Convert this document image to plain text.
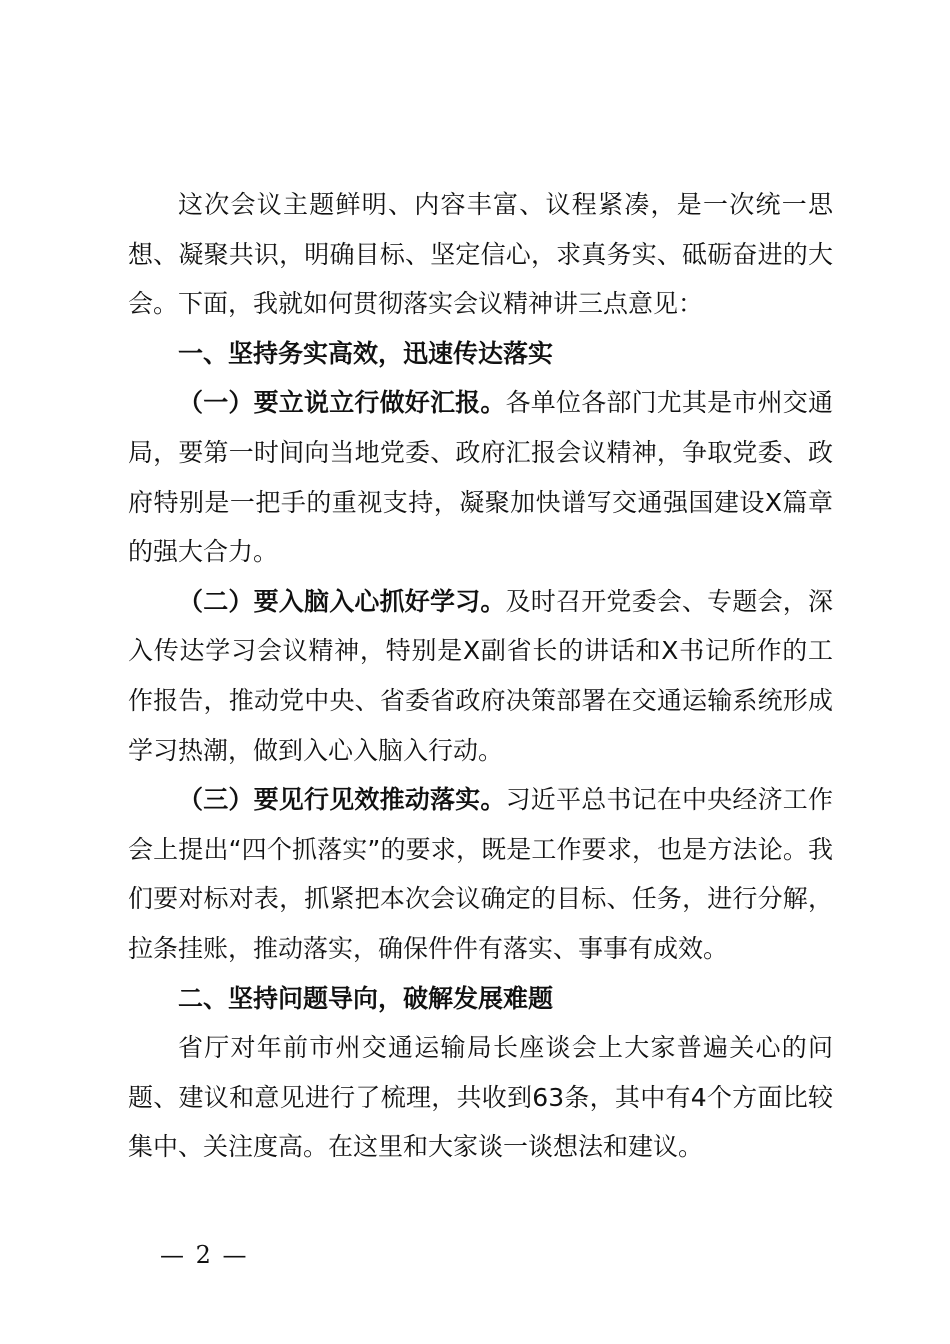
这次会议主题鲜明、内容丰富、议程紧凑，是一次统一思想、凝聚共识，明确目标、坚定信心，求真务实、砥砺奋进的大会。下面，我就如何贯彻落实会议精神讲三点意见：

一、坚持务实高效，迅速传达落实

（一）要立说立行做好汇报。各单位各部门尤其是市州交通局，要第一时间向当地党委、政府汇报会议精神，争取党委、政府特别是一把手的重视支持，凝聚加快谱写交通强国建设X篇章的强大合力。

（二）要入脑入心抓好学习。及时召开党委会、专题会，深入传达学习会议精神，特别是X副省长的讲话和X书记所作的工作报告，推动党中央、省委省政府决策部署在交通运输系统形成学习热潮，做到入心入脑入行动。

（三）要见行见效推动落实。习近平总书记在中央经济工作会上提出“四个抓落实”的要求，既是工作要求，也是方法论。我们要对标对表，抓紧把本次会议确定的目标、任务，进行分解，拉条挂账，推动落实，确保件件有落实、事事有成效。

二、坚持问题导向，破解发展难题

省厅对年前市州交通运输局长座谈会上大家普遍关心的问题、建议和意见进行了梳理，共收到63条，其中有4个方面比较集中、关注度高。在这里和大家谈一谈想法和建议。

— 2 —
